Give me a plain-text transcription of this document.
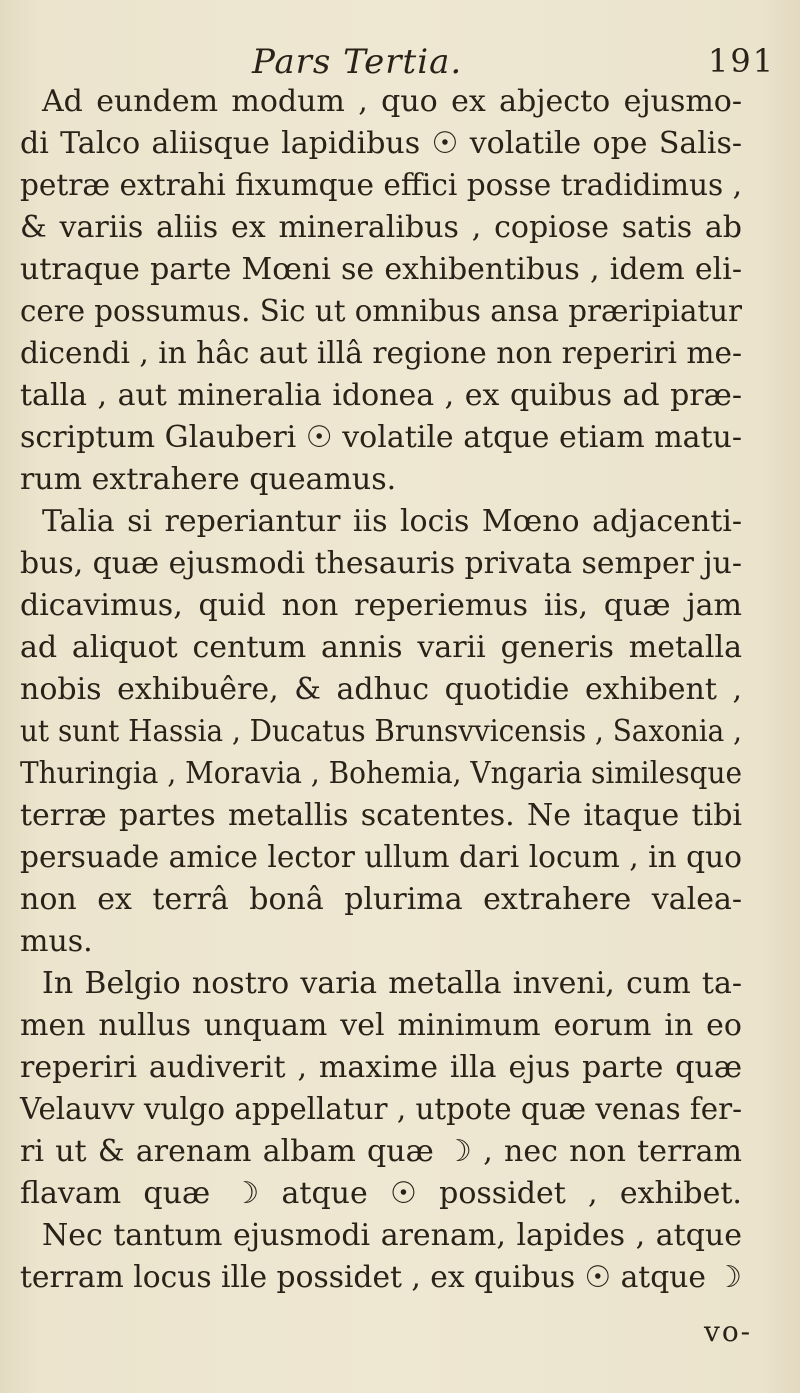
Pars Tertia.	191
Ad eundem modum , quo ex abjecto ejusmo-
di Talco aliisque lapidibus ☉ volatile ope Salis-
petræ extrahi fixumque effici posse tradidimus ,
& variis aliis ex mineralibus , copiose satis ab
utraque parte Mœni se exhibentibus , idem eli-
cere possumus. Sic ut omnibus ansa præripiatur
dicendi , in hâc aut illâ regione non reperiri me-
talla , aut mineralia idonea , ex quibus ad præ-
scriptum Glauberi ☉ volatile atque etiam matu-
rum extrahere queamus.
Talia si reperiantur iis locis Mœno adjacenti-
bus, quæ ejusmodi thesauris privata semper ju-
dicavimus, quid non reperiemus iis, quæ jam
ad aliquot centum annis varii generis metalla
nobis exhibuêre, & adhuc quotidie exhibent ,
ut sunt Hassia , Ducatus Brunsvvicensis , Saxonia ,
Thuringia , Moravia , Bohemia, Vngaria similesque
terræ partes metallis scatentes. Ne itaque tibi
persuade amice lector ullum dari locum , in quo
non ex terrâ bonâ plurima extrahere valea-
mus.
In Belgio nostro varia metalla inveni, cum ta-
men nullus unquam vel minimum eorum in eo
reperiri audiverit , maxime illa ejus parte quæ
Velauvv vulgo appellatur , utpote quæ venas fer-
ri ut & arenam albam quæ ☽ , nec non terram
flavam quæ ☽ atque ☉ possidet , exhibet.
Nec tantum ejusmodi arenam, lapides , atque
terram locus ille possidet , ex quibus ☉ atque ☽
vo-
